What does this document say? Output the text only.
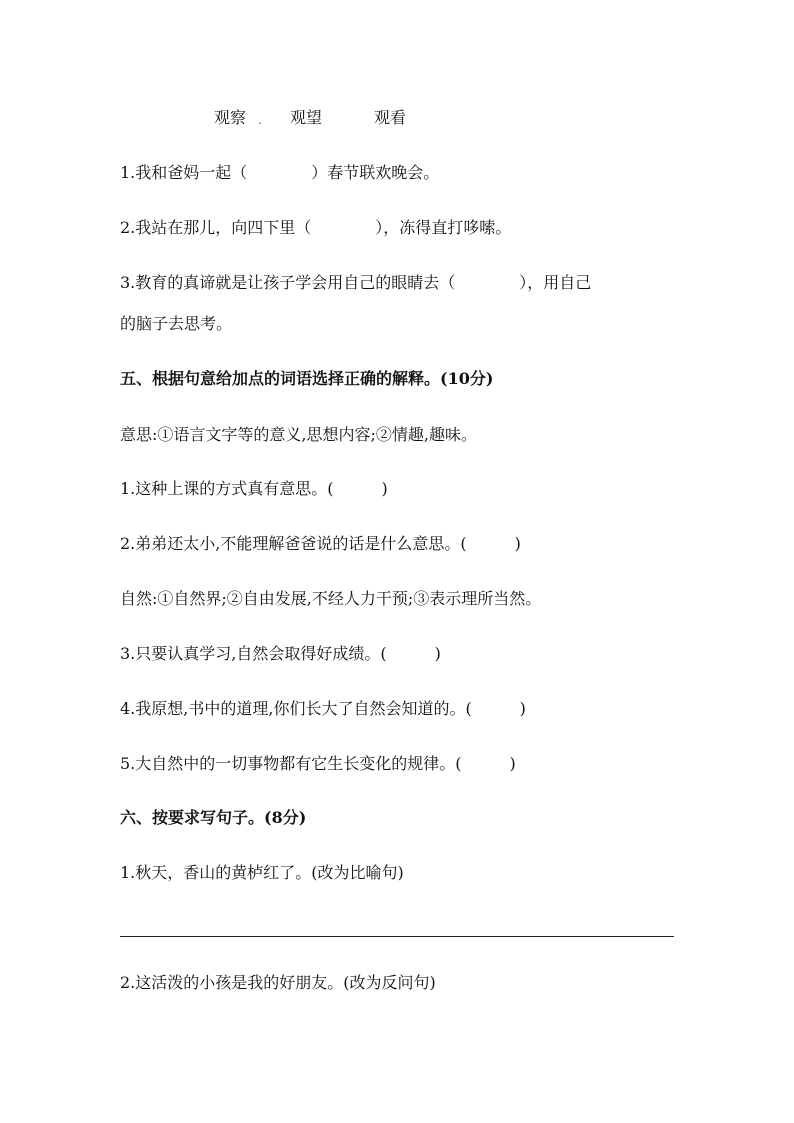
观察 . 观望	观看
1.我和爸妈一起（　　　　）春节联欢晚会。
2.我站在那儿，向四下里（　　　　），冻得直打哆嗦。
3.教育的真谛就是让孩子学会用自己的眼睛去（　　　　），用自己
的脑子去思考。
五、根据句意给加点的词语选择正确的解释。(10分)
意思:①语言文字等的意义,思想内容;②情趣,趣味。
1.这种上课的方式真有意思。(　　　)
2.弟弟还太小,不能理解爸爸说的话是什么意思。(　　　)
自然:①自然界;②自由发展,不经人力干预;③表示理所当然。
3.只要认真学习,自然会取得好成绩。(　　　)
4.我原想,书中的道理,你们长大了自然会知道的。(　　　)
5.大自然中的一切事物都有它生长变化的规律。(　　　)
六、按要求写句子。(8分)
1.秋天，香山的黄栌红了。(改为比喻句)
2.这活泼的小孩是我的好朋友。(改为反问句)
